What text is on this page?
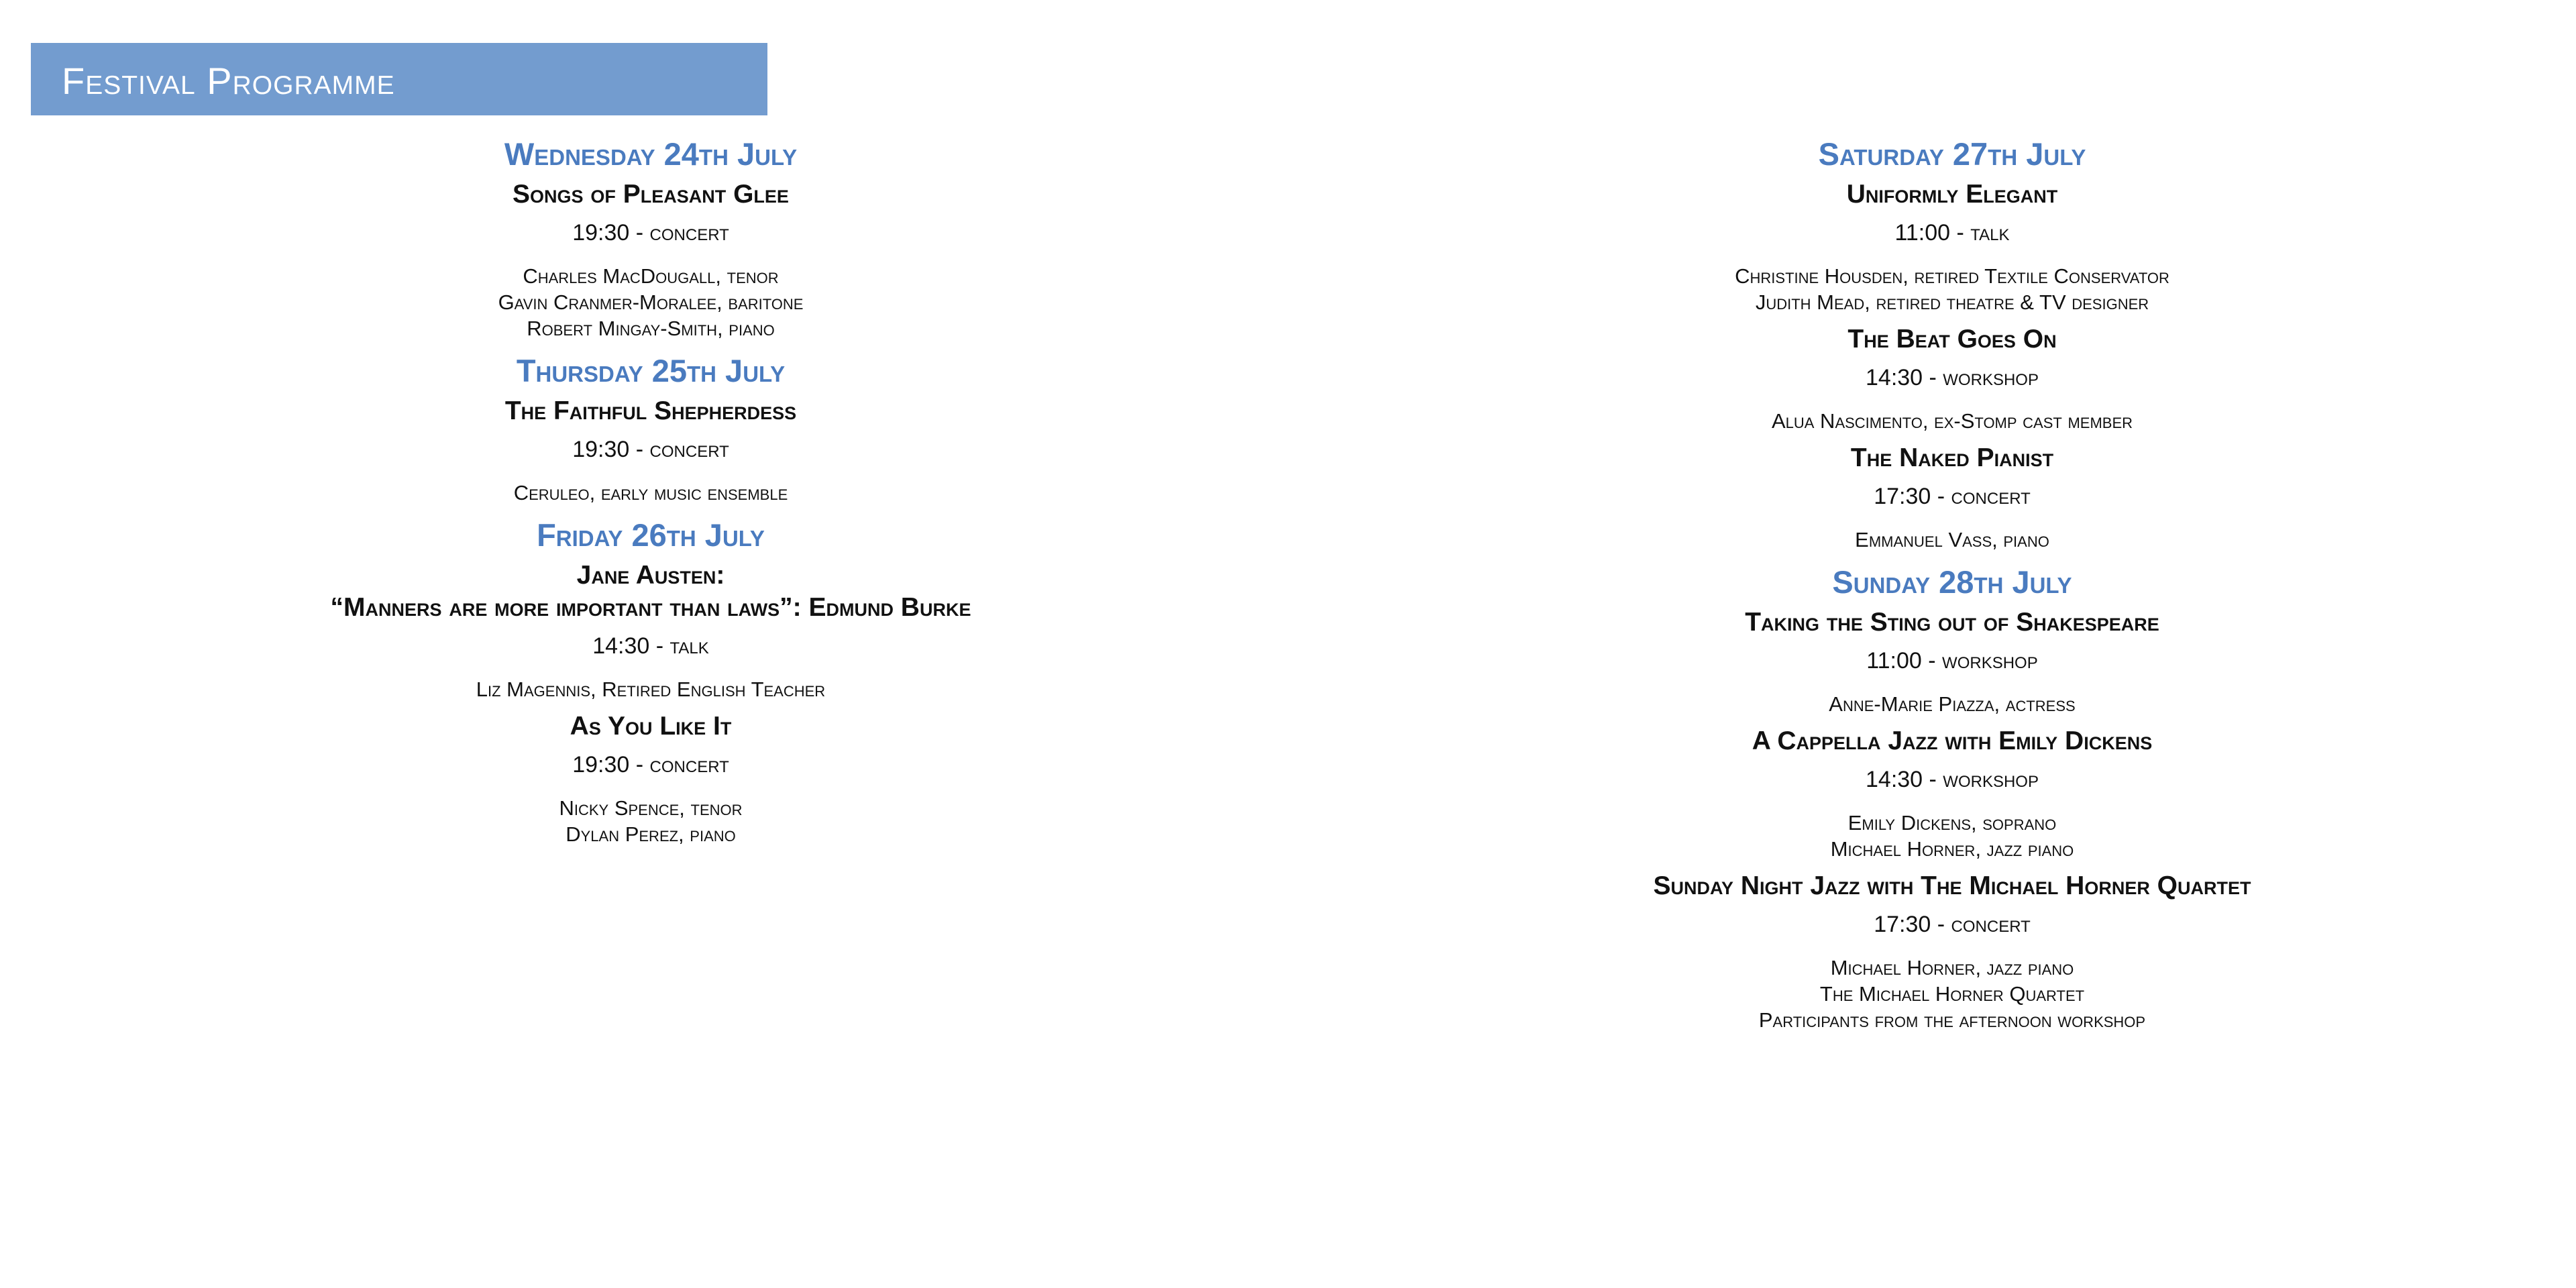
Festival Programme
Wednesday 24th July
Songs of Pleasant Glee
19:30 - concert
Charles MacDougall, tenor
Gavin Cranmer-Moralee, baritone
Robert Mingay-Smith, piano
Thursday 25th July
The Faithful Shepherdess
19:30 - concert
Ceruleo, early music ensemble
Friday 26th July
Jane Austen:
“Manners are more important than laws”: Edmund Burke
14:30 - talk
Liz Magennis, Retired English Teacher
As You Like It
19:30 - concert
Nicky Spence, tenor
Dylan Perez, piano
Saturday 27th July
Uniformly Elegant
11:00 - talk
Christine Housden, retired Textile Conservator
Judith Mead, retired theatre & TV designer
The Beat Goes On
14:30 - workshop
Alua Nascimento, ex-Stomp cast member
The Naked Pianist
17:30 - concert
Emmanuel Vass, piano
Sunday 28th July
Taking the Sting out of Shakespeare
11:00 - workshop
Anne-Marie Piazza, actress
A Cappella Jazz with Emily Dickens
14:30 - workshop
Emily Dickens, soprano
Michael Horner, jazz piano
Sunday Night Jazz with The Michael Horner Quartet
17:30 - concert
Michael Horner, jazz piano
The Michael Horner Quartet
Participants from the afternoon workshop
